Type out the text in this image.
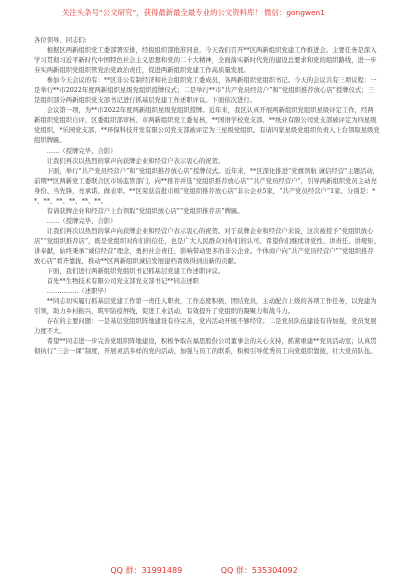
关注头条号“公文研究”，获得最新最全最专业的公文资料库！ 微信：gongwen1

各位领导、同志们:

根据区两新组织党工委部署安排，经报组织部批准同意，今天我们召开**区两新组织党建工作推进会。主要任务是深入学习贯彻习近平新时代中国特色社会主义思想和党的二十大精神，全面落实新时代党的建设总要求和党的组织路线，进一步夯实两新组织党组织管党治党政治责任，促进两新组织党建工作高质量发展。

参加今天会议的有：**区非公有制经济和社会组织党工委成员，各两新组织党组织书记。今天的会议共有三项议程：一是举行**市2022年度两新组织星级党组织授牌仪式；二是举行**市“共产党员经营户”和“党组织推荐放心店”授牌仪式；三是组织部分两新组织党支部书记进行抓基层党建工作述职评议。下面依次进行。

会议第一项，为**市2022年度两新组织星级党组织授牌。近年来，我区认真开展两新组织党组织星级评定工作，经两新组织党组织自评、区委组织部审核、市两新组织党工委复核，**国语学校党支部、**纸业有限公司党支部被评定为四星级党组织，*乐园党支部、**环保科技开发有限公司党支部被评定为三星级党组织。有请四家星级党组织负责人上台领取星级党组织牌匾。

……（授牌完毕、合影）

让我们再次以热烈的掌声向获牌企业和经营户表示衷心的祝贺。

下面，举行“共产党员经营户”和“党组织推荐放心店”授牌仪式。近年来，**区深化推进“党旗领航 诚信经营”主题活动，前期**区两新党工委联合区市场监管部门，向**推荐并选“党组织推荐放心店”“共产党员经营户”，引导两新组织党员主动亮身份、当先锋，亮承诺、做表率。**区荣获首批市级“党组织推荐放心店”非公企业5家，“共产党员经营户”1家。分别是：**、**、**、**、**、**。

有请获牌企业和经营户上台领取“党组织放心店”“党组织推荐店”牌匾。

……（授牌完毕、合影）

让我们再次以热烈的掌声向获牌企业和经营户表示衷心的祝贺。对于获牌企业和经营户来说，这次被授予“党组织放心店”“党组织推荐店”，既是党组织对你们的信任，也是广大人民群众对你们的认可。希望你们继续讲党性、讲责任、讲规矩、讲奉献，始终秉承“诚信经营”理念，勇担社会责任，影响带动更多的非公企业。个体商户向“共产党员经营户”“党组织推荐放心店”看齐靠拢，推动**区两新组织诚信发展建档晋级得到出新的贡献。

下面，我们进行两新组织党组织书记抓基层党建工作述职评议。

首先**生物技术有限公司党支部党支部书记**同志述职

……………（述职毕）

**同志切实履行抓基层党建工作第一责任人职责，工作态度积极，团结党员，主动配合上级的各项工作任务，以党建为引领，助力乡村振兴，筑牢防疫屏线，促进工业活动，有效提升了党组织的凝聚力和战斗力。

存在的主要问题：一是基层党组织阵地建设有待完善，党内活动开展不够经常；二是党员队伍建设有待加强，党员发展力度不大。

希望**同志进一步完善党组织阵地建设，积极争取在福思股份公司董事会的关心支持，抓紧重建**党员活动室；认真贯彻执行“三会一课”制度，开展灵活多样的党内活动，加强与员工的联系，积极引导优秀员工向党组织靠拢，壮大党员队伍。

QQ 群：31991489	QQ 群：535304092
